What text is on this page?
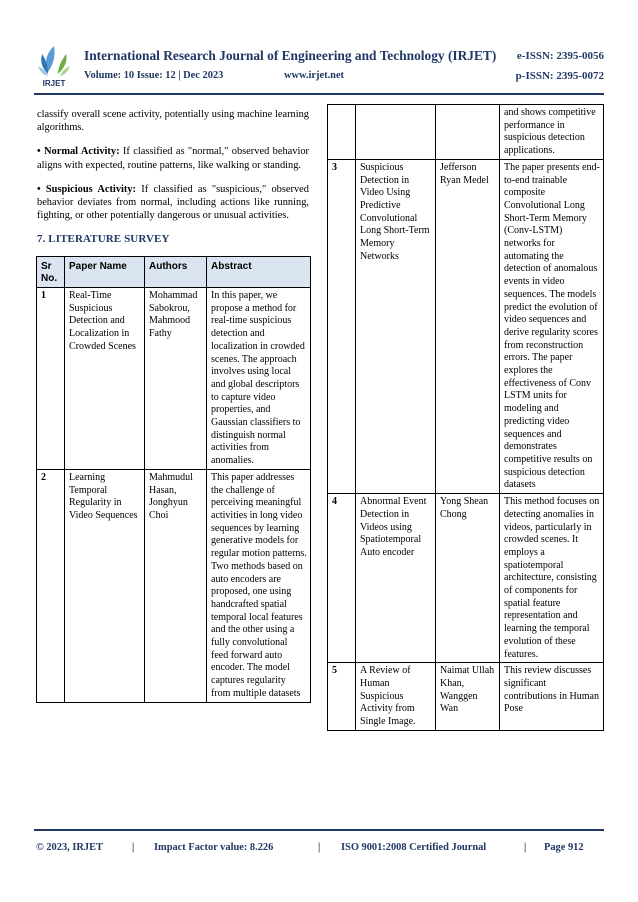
IRJET
International Research Journal of Engineering and Technology (IRJET) e-ISSN: 2395-0056
Volume: 10 Issue: 12 | Dec 2023	www.irjet.net	p-ISSN: 2395-0072

classify overall scene activity, potentially using machine learning algorithms.

• Normal Activity: If classified as "normal," observed behavior aligns with expected, routine patterns, like walking or standing.

• Suspicious Activity: If classified as "suspicious," observed behavior deviates from normal, including actions like running, fighting, or other potentially dangerous or unusual activities.

7. LITERATURE SURVEY
Sr No.	Paper Name	Authors	Abstract
1	Real-Time Suspicious Detection and Localization in Crowded Scenes	Mohammad Sabokrou, Mahmood Fathy	In this paper, we propose a method for real-time suspicious detection and localization in crowded scenes. The approach involves using local and global descriptors to capture video properties, and Gaussian classifiers to distinguish normal activities from anomalies.
2	Learning Temporal Regularity in Video Sequences	Mahmudul Hasan, Jonghyun Choi	This paper addresses the challenge of perceiving meaningful activities in long video sequences by learning generative models for regular motion patterns. Two methods based on auto encoders are proposed, one using handcrafted spatial temporal local features and the other using a fully convolutional feed forward auto encoder. The model captures regularity from multiple datasets
			and shows competitive performance in suspicious detection applications.
3	Suspicious Detection in Video Using Predictive Convolutional Long Short-Term Memory Networks	Jefferson Ryan Medel	The paper presents end-to-end trainable composite Convolutional Long Short-Term Memory (Conv-LSTM) networks for automating the detection of anomalous events in video sequences. The models predict the evolution of video sequences and derive regularity scores from reconstruction errors. The paper explores the effectiveness of Conv LSTM units for modeling and predicting video sequences and demonstrates competitive results on suspicious detection datasets
4	Abnormal Event Detection in Videos using Spatiotemporal Auto encoder	Yong Shean Chong	This method focuses on detecting anomalies in videos, particularly in crowded scenes. It employs a spatiotemporal architecture, consisting of components for spatial feature representation and learning the temporal evolution of these features.
5	A Review of Human Suspicious Activity from Single Image.	Naimat Ullah Khan, Wanggen Wan	This review discusses significant contributions in Human Pose
© 2023, IRJET	| Impact Factor value: 8.226	| ISO 9001:2008 Certified Journal	| Page 912
